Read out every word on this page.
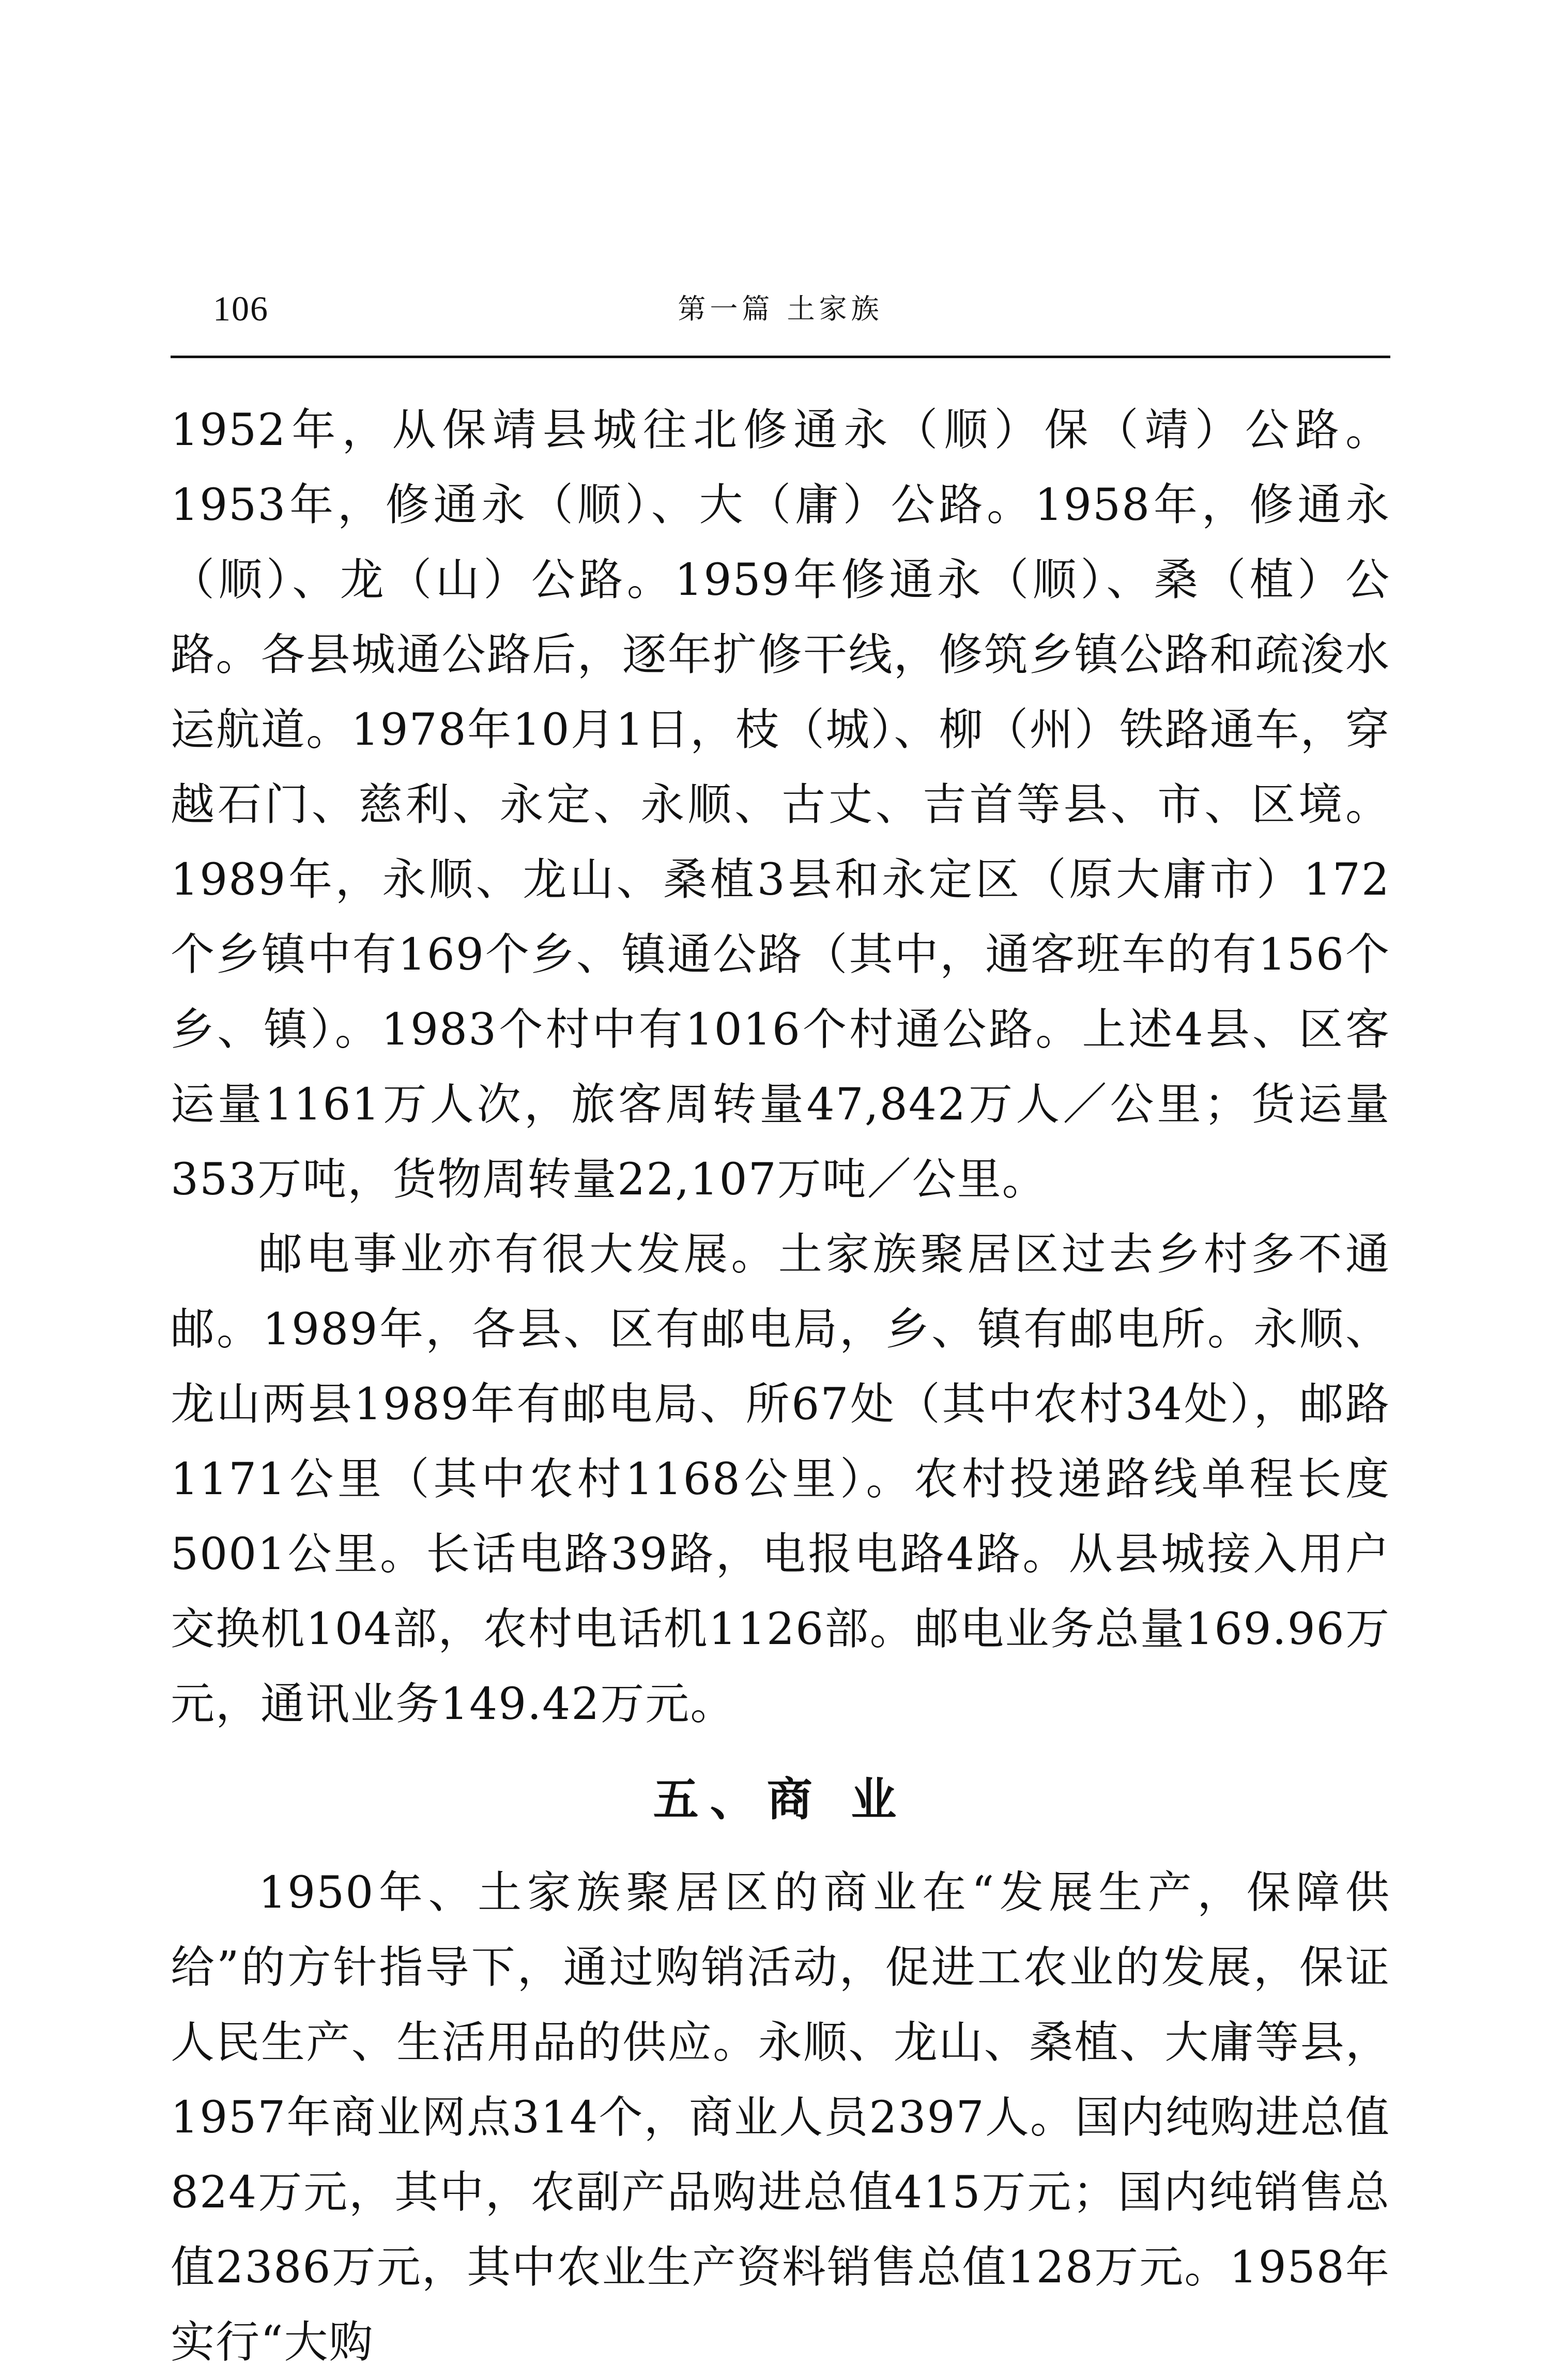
106	第一篇 土家族

1952年，从保靖县城往北修通永（顺）保（靖）公路。1953年，修通永（顺）、大（庸）公路。1958年，修通永（顺）、龙（山）公路。1959年修通永（顺）、桑（植）公路。各县城通公路后，逐年扩修干线，修筑乡镇公路和疏浚水运航道。1978年10月1日，枝（城）、柳（州）铁路通车，穿越石门、慈利、永定、永顺、古丈、吉首等县、市、区境。1989年，永顺、龙山、桑植3县和永定区（原大庸市）172个乡镇中有169个乡、镇通公路（其中，通客班车的有156个乡、镇）。1983个村中有1016个村通公路。上述4县、区客运量1161万人次，旅客周转量47,842万人／公里；货运量353万吨，货物周转量22,107万吨／公里。

邮电事业亦有很大发展。土家族聚居区过去乡村多不通邮。1989年，各县、区有邮电局，乡、镇有邮电所。永顺、龙山两县1989年有邮电局、所67处（其中农村34处），邮路1171公里（其中农村1168公里）。农村投递路线单程长度5001公里。长话电路39路，电报电路4路。从县城接入用户交换机104部，农村电话机1126部。邮电业务总量169.96万元，通讯业务149.42万元。

五、商 业

1950年、土家族聚居区的商业在“发展生产，保障供给”的方针指导下，通过购销活动，促进工农业的发展，保证人民生产、生活用品的供应。永顺、龙山、桑植、大庸等县，1957年商业网点314个，商业人员2397人。国内纯购进总值824万元，其中，农副产品购进总值415万元；国内纯销售总值2386万元，其中农业生产资料销售总值128万元。1958年实行“大购
